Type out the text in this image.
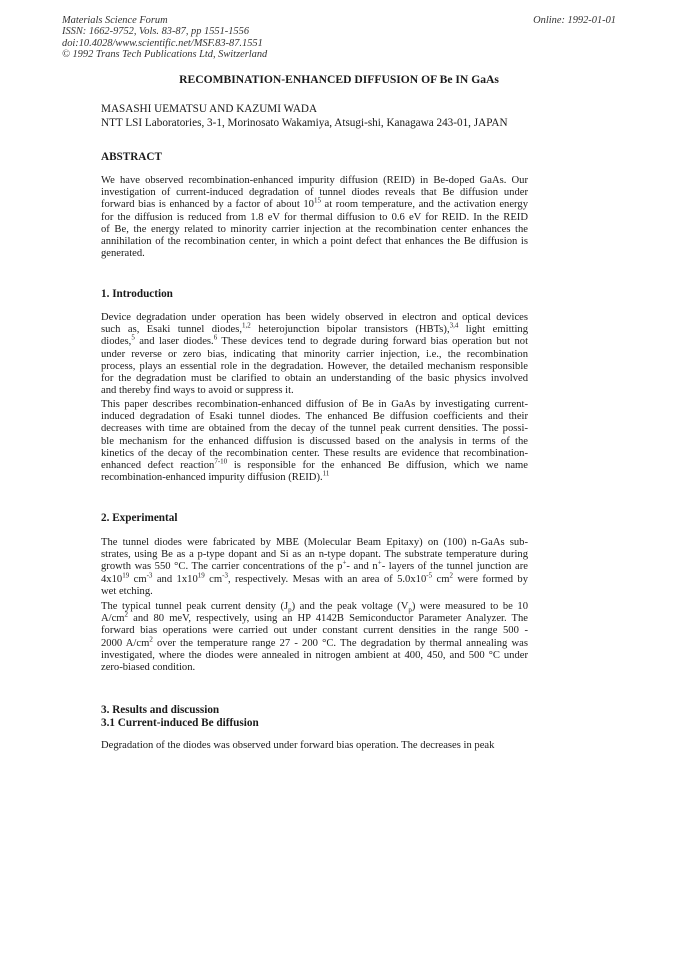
Materials Science Forum
ISSN: 1662-9752, Vols. 83-87, pp 1551-1556
doi:10.4028/www.scientific.net/MSF.83-87.1551
© 1992 Trans Tech Publications Ltd, Switzerland
Online: 1992-01-01
RECOMBINATION-ENHANCED DIFFUSION OF Be IN GaAs
MASASHI UEMATSU AND KAZUMI WADA
NTT LSI Laboratories, 3-1, Morinosato Wakamiya, Atsugi-shi, Kanagawa 243-01, JAPAN
ABSTRACT
We have observed recombination-enhanced impurity diffusion (REID) in Be-doped GaAs. Our
investigation of current-induced degradation of tunnel diodes reveals that Be diffusion under
forward bias is enhanced by a factor of about $10^{15}$ at room temperature, and the activation energy
for the diffusion is reduced from 1.8 eV for thermal diffusion to 0.6 eV for REID. In the REID
of Be, the energy related to minority carrier injection at the recombination center enhances the
annihilation of the recombination center, in which a point defect that enhances the Be diffusion is
generated.
1. Introduction
Device degradation under operation has been widely observed in electron and optical devices
such as, Esaki tunnel diodes,$^{1,2}$ heterojunction bipolar transistors (HBTs),$^{3,4}$ light emitting
diodes,$^5$ and laser diodes.$^6$ These devices tend to degrade during forward bias operation but not
under reverse or zero bias, indicating that minority carrier injection, i.e., the recombination
process, plays an essential role in the degradation. However, the detailed mechanism responsible
for the degradation must be clarified to obtain an understanding of the basic physics involved
and thereby find ways to avoid or suppress it.
This paper describes recombination-enhanced diffusion of Be in GaAs by investigating current-
induced degradation of Esaki tunnel diodes. The enhanced Be diffusion coefficients and their
decreases with time are obtained from the decay of the tunnel peak current densities. The possi-
ble mechanism for the enhanced diffusion is discussed based on the analysis in terms of the
kinetics of the decay of the recombination center. These results are evidence that recombination-
enhanced defect reaction$^{7-10}$ is responsible for the enhanced Be diffusion, which we name
recombination-enhanced impurity diffusion (REID).$^{11}$
2. Experimental
The tunnel diodes were fabricated by MBE (Molecular Beam Epitaxy) on (100) n-GaAs sub-
strates, using Be as a p-type dopant and Si as an n-type dopant. The substrate temperature during
growth was 550 °C. The carrier concentrations of the p+- and n+- layers of the tunnel junction are
$4x10^{19}$ $cm^{-3}$ and $1x10^{19}$ $cm^{-3}$, respectively. Mesas with an area of $5.0x10^{-5}$ $cm^2$ were formed by
wet etching.
The typical tunnel peak current density $(J_p)$ and the peak voltage $(V_p)$ were measured to be 10
$A/cm^2$ and 80 meV, respectively, using an HP 4142B Semiconductor Parameter Analyzer. The
forward bias operations were carried out under constant current densities in the range 500 -
2000 $A/cm^2$ over the temperature range 27 - 200 °C. The degradation by thermal annealing was
investigated, where the diodes were annealed in nitrogen ambient at 400, 450, and 500 °C under
zero-biased condition.
3. Results and discussion
3.1 Current-induced Be diffusion
Degradation of the diodes was observed under forward bias operation. The decreases in peak
